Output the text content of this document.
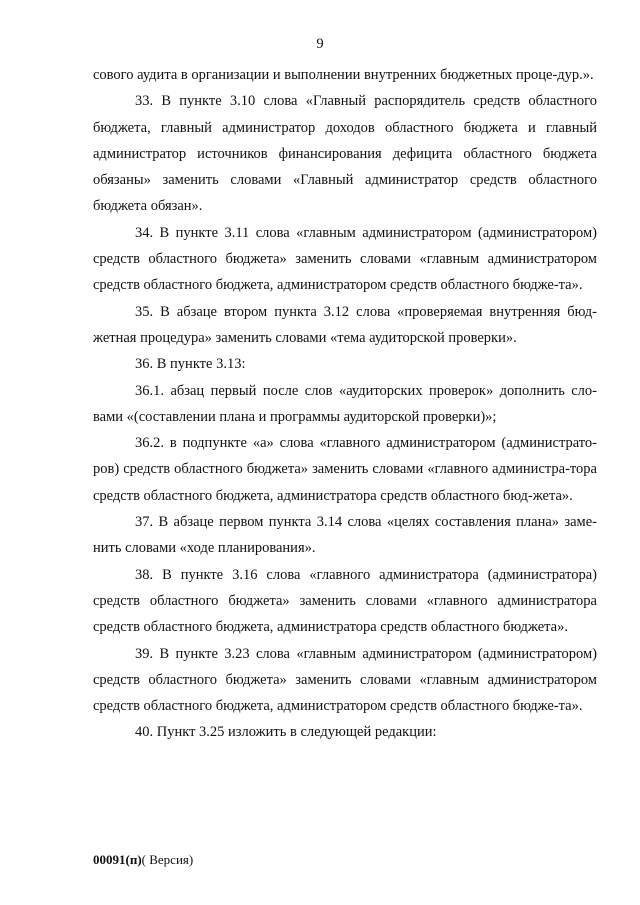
9

сового аудита в организации и выполнении внутренних бюджетных проце-дур.».

33. В пункте 3.10 слова «Главный распорядитель средств областного бюджета, главный администратор доходов областного бюджета и главный администратор источников финансирования дефицита областного бюджета обязаны» заменить словами «Главный администратор средств областного бюджета обязан».

34. В пункте 3.11 слова «главным администратором (администратором) средств областного бюджета» заменить словами «главным администратором средств областного бюджета, администратором средств областного бюдже-та».

35. В абзаце втором пункта 3.12 слова «проверяемая внутренняя бюд-жетная процедура» заменить словами «тема аудиторской проверки».

36. В пункте 3.13:

36.1. абзац первый после слов «аудиторских проверок» дополнить сло-вами «(составлении плана и программы аудиторской проверки)»;

36.2. в подпункте «а» слова «главного администратором (администрато-ров) средств областного бюджета» заменить словами «главного администра-тора средств областного бюджета, администратора средств областного бюд-жета».

37. В абзаце первом пункта 3.14 слова «целях составления плана» заме-нить словами «ходе планирования».

38. В пункте 3.16 слова «главного администратора (администратора) средств областного бюджета» заменить словами «главного администратора средств областного бюджета, администратора средств областного бюджета».

39. В пункте 3.23 слова «главным администратором (администратором) средств областного бюджета» заменить словами «главным администратором средств областного бюджета, администратором средств областного бюдже-та».

40. Пункт 3.25 изложить в следующей редакции:

00091(п)( Версия)
